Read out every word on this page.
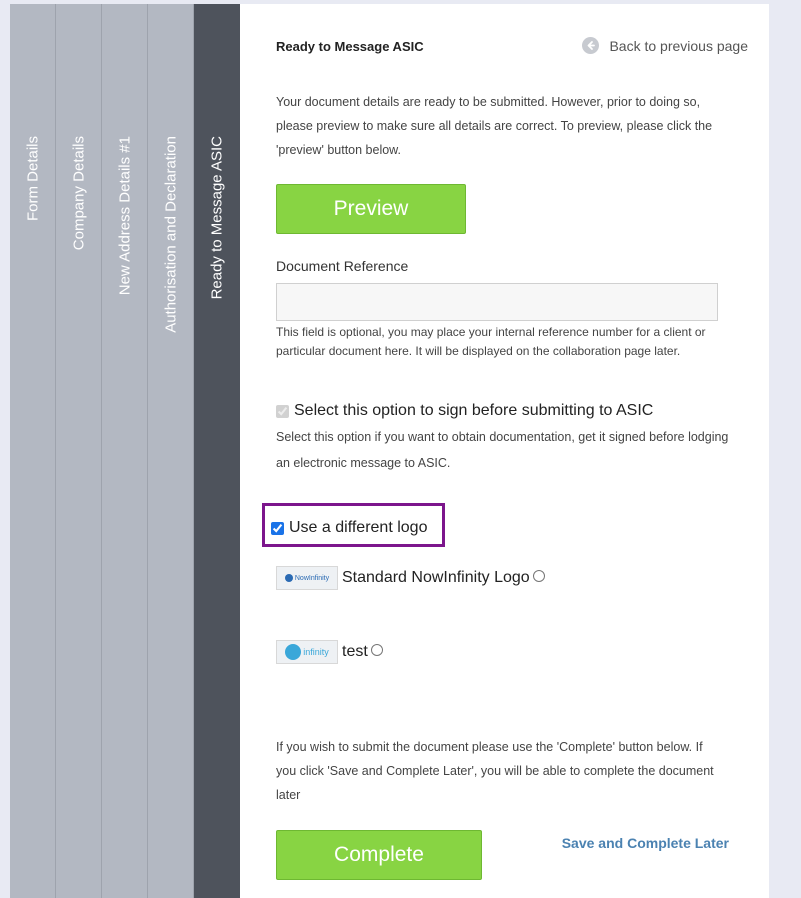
Form Details Company Details New Address Details #1 Authorisation and Declaration Ready to Message ASIC
Ready to Message ASIC	Back to previous page

Your document details are ready to be submitted. However, prior to doing so, please preview to make sure all details are correct. To preview, please click the 'preview' button below.

Preview
Document Reference

This field is optional, you may place your internal reference number for a client or particular document here. It will be displayed on the collaboration page later.

Select this option to sign before submitting to ASIC

Select this option if you want to obtain documentation, get it signed before lodging an electronic message to ASIC.

Use a different logo
NowInfinity Standard NowInfinity Logo
infinity test

If you wish to submit the document please use the 'Complete' button below. If you click 'Save and Complete Later', you will be able to complete the document later

Complete	Save and Complete Later
